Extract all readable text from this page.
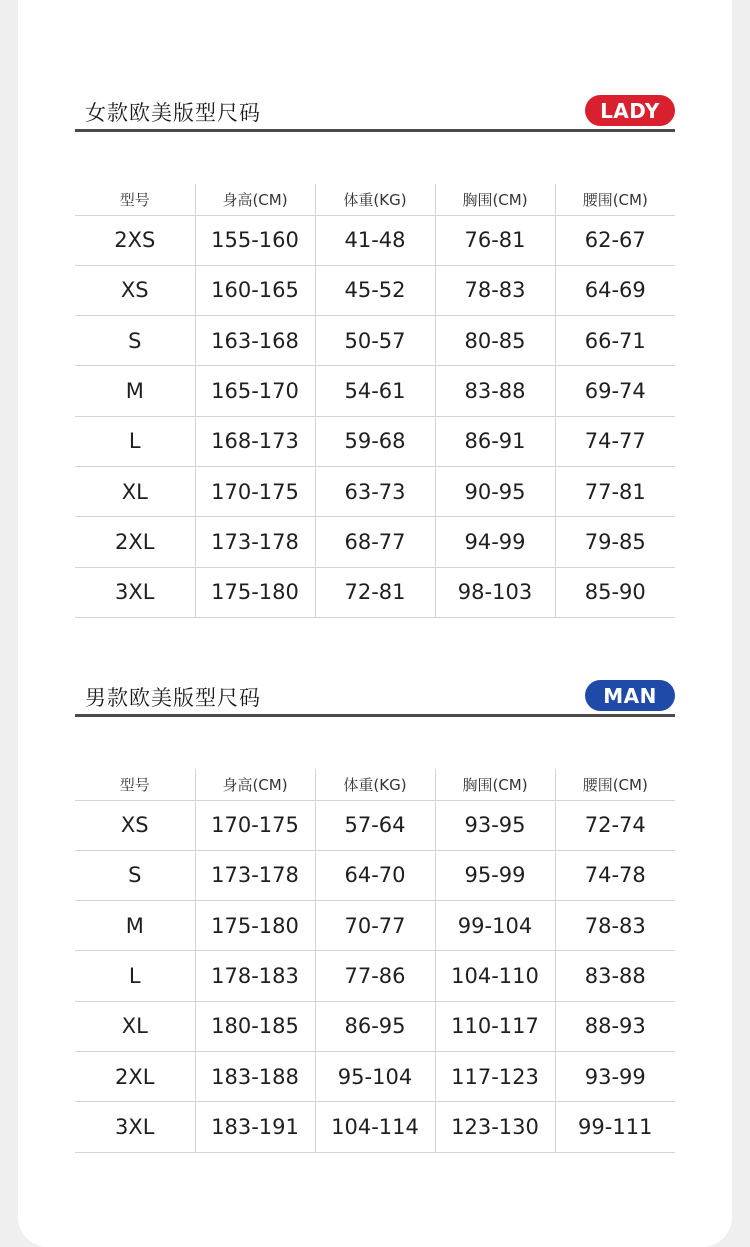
女款欧美版型尺码	LADY
型号	身高(CM)	体重(KG)	胸围(CM)	腰围(CM)
2XS	155-160	41-48	76-81	62-67
XS	160-165	45-52	78-83	64-69
S	163-168	50-57	80-85	66-71
M	165-170	54-61	83-88	69-74
L	168-173	59-68	86-91	74-77
XL	170-175	63-73	90-95	77-81
2XL	173-178	68-77	94-99	79-85
3XL	175-180	72-81	98-103	85-90
男款欧美版型尺码	MAN
型号	身高(CM)	体重(KG)	胸围(CM)	腰围(CM)
XS	170-175	57-64	93-95	72-74
S	173-178	64-70	95-99	74-78
M	175-180	70-77	99-104	78-83
L	178-183	77-86	104-110	83-88
XL	180-185	86-95	110-117	88-93
2XL	183-188	95-104	117-123	93-99
3XL	183-191	104-114	123-130	99-111
